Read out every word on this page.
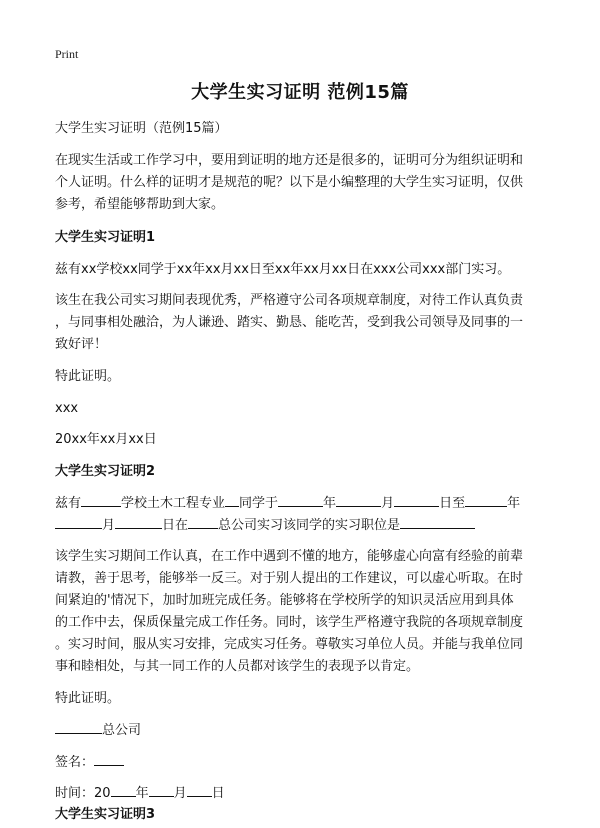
Print
大学生实习证明 范例15篇

大学生实习证明（范例15篇）

在现实生活或工作学习中，要用到证明的地方还是很多的，证明可分为组织证明和

个人证明。什么样的证明才是规范的呢？以下是小编整理的大学生实习证明，仅供

参考，希望能够帮助到大家。

大学生实习证明1

兹有xx学校xx同学于xx年xx月xx日至xx年xx月xx日在xxx公司xxx部门实习。

该生在我公司实习期间表现优秀，严格遵守公司各项规章制度，对待工作认真负责

，与同事相处融洽，为人谦逊、踏实、勤恳、能吃苦，受到我公司领导及同事的一

致好评！

特此证明。

xxx

20xx年xx月xx日

大学生实习证明2

兹有	学校土木工程专业 同学于	年	月	日至	年

月	日在 总公司实习该同学的实习职位是

该学生实习期间工作认真，在工作中遇到不懂的地方，能够虚心向富有经验的前辈

请教，善于思考，能够举一反三。对于别人提出的工作建议，可以虚心听取。在时

间紧迫的'情况下，加时加班完成任务。能够将在学校所学的知识灵活应用到具体

的工作中去，保质保量完成工作任务。同时，该学生严格遵守我院的各项规章制度

。实习时间，服从实习安排，完成实习任务。尊敬实习单位人员。并能与我单位同

事和睦相处，与其一同工作的人员都对该学生的表现予以肯定。

特此证明。

总公司

签名：

时间：20 年 月 日

大学生实习证明3
